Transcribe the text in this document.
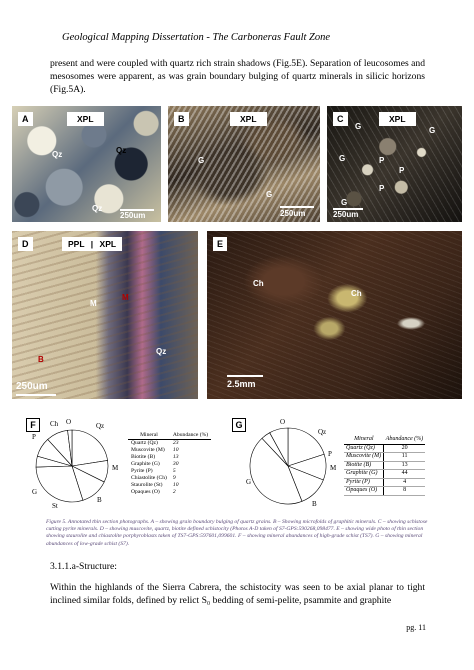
Geological Mapping Dissertation - The Carboneras Fault Zone
present and were coupled with quartz rich strain shadows (Fig.5E). Separation of leucosomes and mesosomes were apparent, as was grain boundary bulging of quartz minerals in silicic horizons (Fig.5A).
A	XPL
Qz	Qz
Qz
250um
B	XPL
G
G
250um
C	XPL
G	G
G	P
P
P
G
250um
D	PPL | XPL
M
M
B
Qz
250um
E
Ch
Ch
2.5mm
F	Ch O	Qz
P
M
G
St
B
Mineral	Abundance (%)
Quartz (Qz)	23
Muscovite (M)	10
Biotite (B)	13
Graphite (G)	30
Pyrite (P)	5
Chiastolite (Ch)	9
Staurolite (St)	10
Opaques (O)	2
G	O
Qz
P
M
G
B
Mineral	Abundance (%)
Quartz (Qz)	20
Muscovite (M)	11
Biotite (B)	13
Graphite (G)	44
Pyrite (P)	4
Opaques (O)	8
Figure 5. Annotated thin section photographs. A – showing grain boundary bulging of quartz grains. B – Showing microfolds of graphitic minerals. C – showing schistose cutting pyrite minerals. D – showing muscovite, quartz, biotite defined schistocity (Photos A-D taken of S7-GPS:590268,098477. E – showing wide photo of thin section showing staurolite and chiastolite porphyroblasts taken of TS7-GPS:597601,099601. F – showing mineral abundances of high-grade schist (TS7). G – showing mineral abundances of low-grade schist (S7).
3.1.1.a-Structure:
Within the highlands of the Sierra Cabrera, the schistocity was seen to be axial planar to tight inclined similar folds, defined by relict S₀ bedding of semi-pelite, psammite and graphite
pg. 11
